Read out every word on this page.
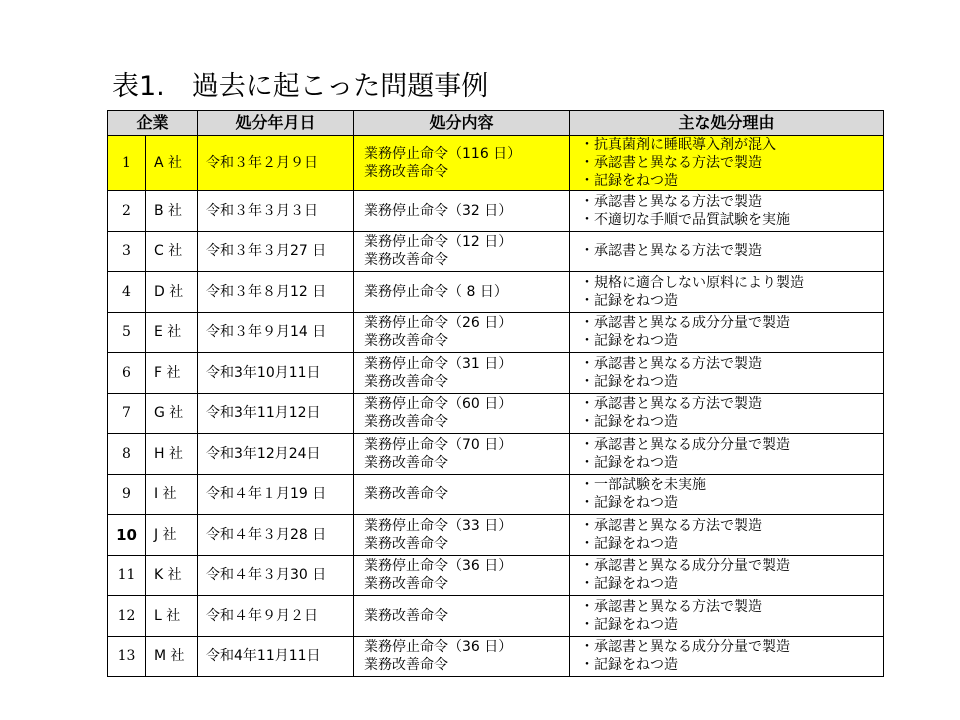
表1.　過去に起こった問題事例
企業		処分年月日	処分内容	主な処分理由
1	A 社	令和３年２月９日	業務停止命令（116 日）
業務改善命令	・抗真菌剤に睡眠導入剤が混入
・承認書と異なる方法で製造
・記録をねつ造

2	B 社	令和３年３月３日	業務停止命令（32 日）	・承認書と異なる方法で製造
・不適切な手順で品質試験を実施

3	C 社	令和３年３月27 日	業務停止命令（12 日）
業務改善命令	・承認書と異なる方法で製造

4	D 社	令和３年８月12 日	業務停止命令（ 8 日）	・規格に適合しない原料により製造
・記録をねつ造

5	E 社	令和３年９月14 日	業務停止命令（26 日）
業務改善命令	・承認書と異なる成分分量で製造
・記録をねつ造

6	F 社	令和3年10月11日	業務停止命令（31 日）
業務改善命令	・承認書と異なる方法で製造
・記録をねつ造

7	G 社	令和3年11月12日	業務停止命令（60 日）
業務改善命令	・承認書と異なる方法で製造
・記録をねつ造

8	H 社	令和3年12月24日	業務停止命令（70 日）
業務改善命令	・承認書と異なる成分分量で製造
・記録をねつ造

9	I 社	令和４年１月19 日	業務改善命令	・一部試験を未実施
・記録をねつ造

10	J 社	令和４年３月28 日	業務停止命令（33 日）
業務改善命令	・承認書と異なる方法で製造
・記録をねつ造

11	K 社	令和４年３月30 日	業務停止命令（36 日）
業務改善命令	・承認書と異なる成分分量で製造
・記録をねつ造

12	L 社	令和４年９月２日	業務改善命令	・承認書と異なる方法で製造
・記録をねつ造

13	M 社	令和4年11月11日	業務停止命令（36 日）
業務改善命令	・承認書と異なる成分分量で製造
・記録をねつ造
